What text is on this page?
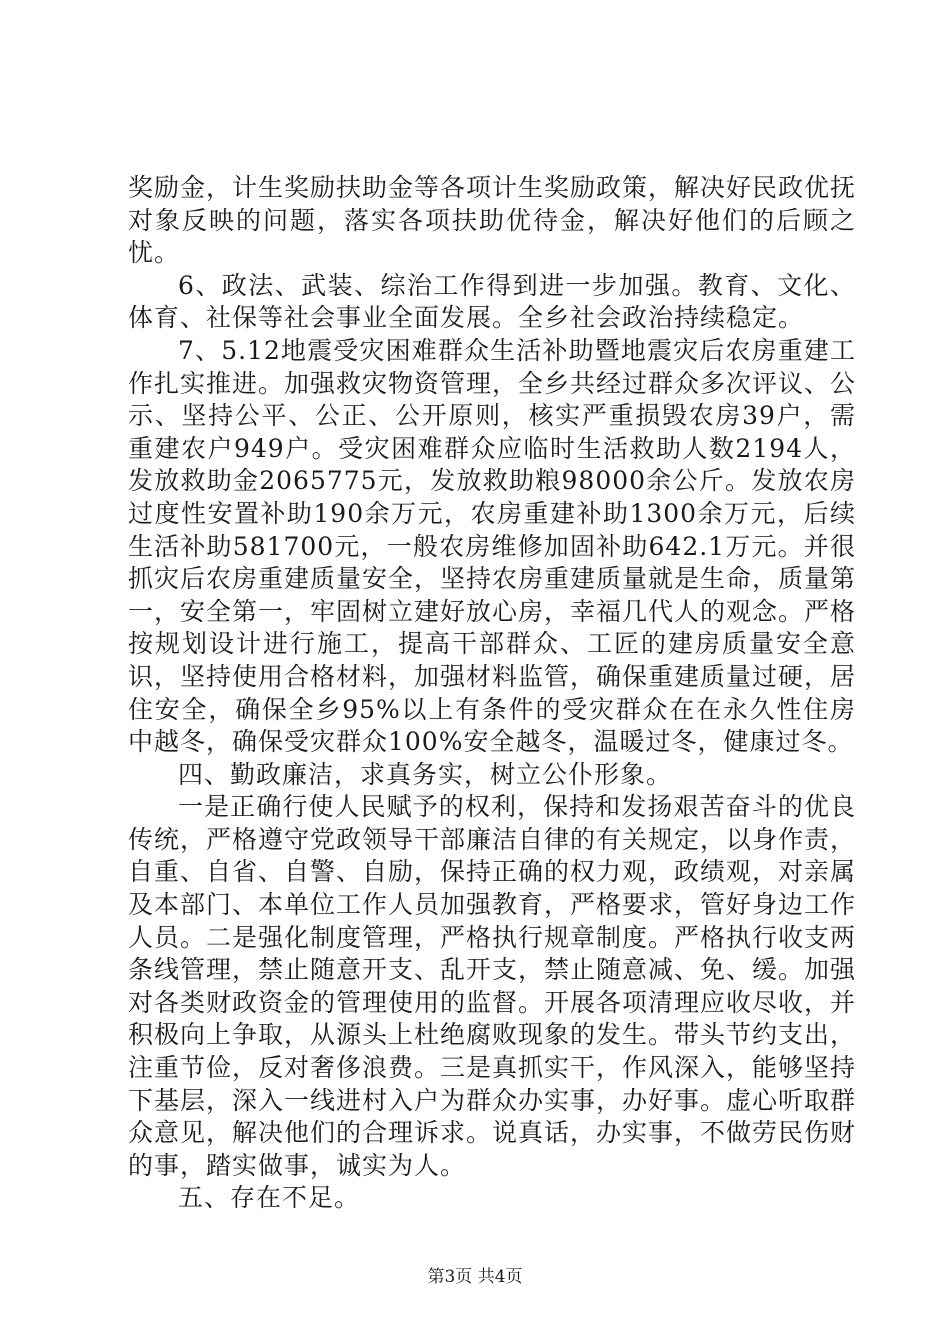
奖励金，计生奖励扶助金等各项计生奖励政策，解决好民政优抚对象反映的问题，落实各项扶助优待金，解决好他们的后顾之忧。

6、政法、武装、综治工作得到进一步加强。教育、文化、体育、社保等社会事业全面发展。全乡社会政治持续稳定。

7、5.12地震受灾困难群众生活补助暨地震灾后农房重建工作扎实推进。加强救灾物资管理，全乡共经过群众多次评议、公示、坚持公平、公正、公开原则，核实严重损毁农房39户，需重建农户949户。受灾困难群众应临时生活救助人数2194人，发放救助金2065775元，发放救助粮98000余公斤。发放农房过度性安置补助190余万元，农房重建补助1300余万元，后续生活补助581700元，一般农房维修加固补助642.1万元。并很抓灾后农房重建质量安全，坚持农房重建质量就是生命，质量第一，安全第一，牢固树立建好放心房，幸福几代人的观念。严格按规划设计进行施工，提高干部群众、工匠的建房质量安全意识，坚持使用合格材料，加强材料监管，确保重建质量过硬，居住安全，确保全乡95%以上有条件的受灾群众在在永久性住房中越冬，确保受灾群众100%安全越冬，温暖过冬，健康过冬。

四、勤政廉洁，求真务实，树立公仆形象。

一是正确行使人民赋予的权利，保持和发扬艰苦奋斗的优良传统，严格遵守党政领导干部廉洁自律的有关规定，以身作责，自重、自省、自警、自励，保持正确的权力观，政绩观，对亲属及本部门、本单位工作人员加强教育，严格要求，管好身边工作人员。二是强化制度管理，严格执行规章制度。严格执行收支两条线管理，禁止随意开支、乱开支，禁止随意减、免、缓。加强对各类财政资金的管理使用的监督。开展各项清理应收尽收，并积极向上争取，从源头上杜绝腐败现象的发生。带头节约支出，注重节俭，反对奢侈浪费。三是真抓实干，作风深入，能够坚持下基层，深入一线进村入户为群众办实事，办好事。虚心听取群众意见，解决他们的合理诉求。说真话，办实事，不做劳民伤财的事，踏实做事，诚实为人。

五、存在不足。

第3页 共4页
